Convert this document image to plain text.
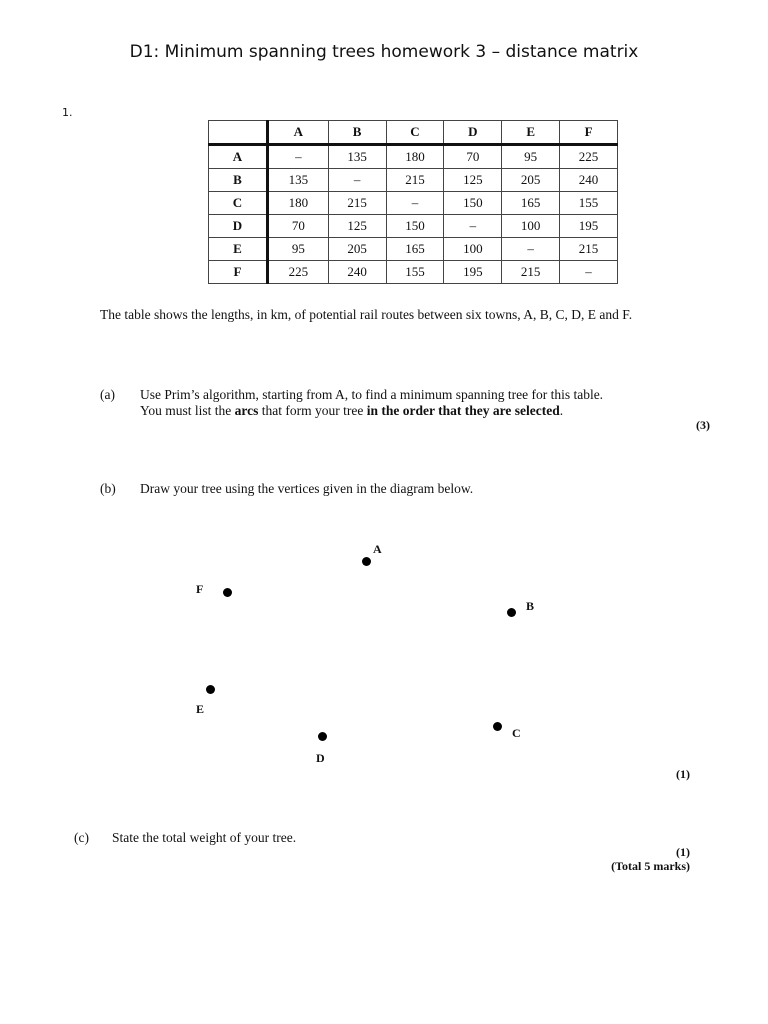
D1: Minimum spanning trees homework 3 – distance matrix
1.
	A	B	C	D	E	F
A	–	135	180	70	95	225
B	135	–	215	125	205	240
C	180	215	–	150	165	155
D	70	125	150	–	100	195
E	95	205	165	100	–	215
F	225	240	155	195	215	–
The table shows the lengths, in km, of potential rail routes between six towns, A, B, C, D, E and F.
(a) Use Prim’s algorithm, starting from A, to find a minimum spanning tree for this table.
You must list the arcs that form your tree in the order that they are selected.
(3)
(b) Draw your tree using the vertices given in the diagram below.
A
F
B
E
C
D
(1)
(c) State the total weight of your tree.
(1)
(Total 5 marks)
